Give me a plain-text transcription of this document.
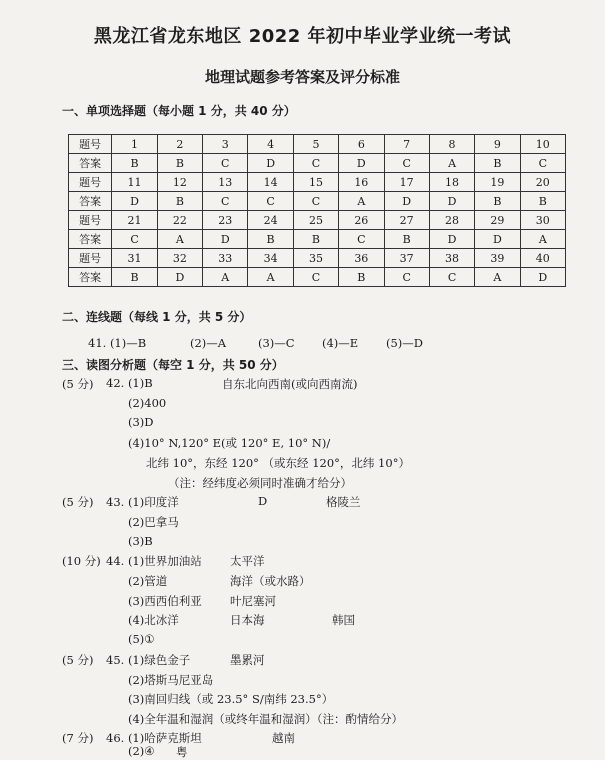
黑龙江省龙东地区 2022 年初中毕业学业统一考试
地理试题参考答案及评分标准
一、单项选择题（每小题 1 分，共 40 分）
题号	1	2	3	4	5	6	7	8	9	10
答案	B	B	C	D	C	D	C	A	B	C
题号	11	12	13	14	15	16	17	18	19	20
答案	D	B	C	C	C	A	D	D	B	B
题号	21	22	23	24	25	26	27	28	29	30
答案	C	A	D	B	B	C	B	D	D	A
题号	31	32	33	34	35	36	37	38	39	40
答案	B	D	A	A	C	B	C	C	A	D
二、连线题（每线 1 分，共 5 分）
41. (1)—B	(2)—A	(3)—C (4)—E (5)—D
三、读图分析题（每空 1 分，共 50 分）
(5 分) 42. (1)B	自东北向西南(或向西南流)
(2)400
(3)D
(4)10° N,120° E(或 120° E, 10° N)/
北纬 10°，东经 120° （或东经 120°，北纬 10°）
（注：经纬度必须同时准确才给分）
(5 分) 43. (1)印度洋	D	格陵兰
(2)巴拿马
(3)B
(10 分) 44. (1)世界加油站 太平洋
(2)管道	海洋（或水路）
(3)西西伯利亚 叶尼塞河
(4)北冰洋	日本海	韩国
(5)①
(5 分) 45. (1)绿色金子	墨累河
(2)塔斯马尼亚岛
(3)南回归线（或 23.5° S/南纬 23.5°）
(4)全年温和湿润（或终年温和湿润）（注：酌情给分）
(7 分) 46. (1)哈萨克斯坦	越南
(2)④ 粤
